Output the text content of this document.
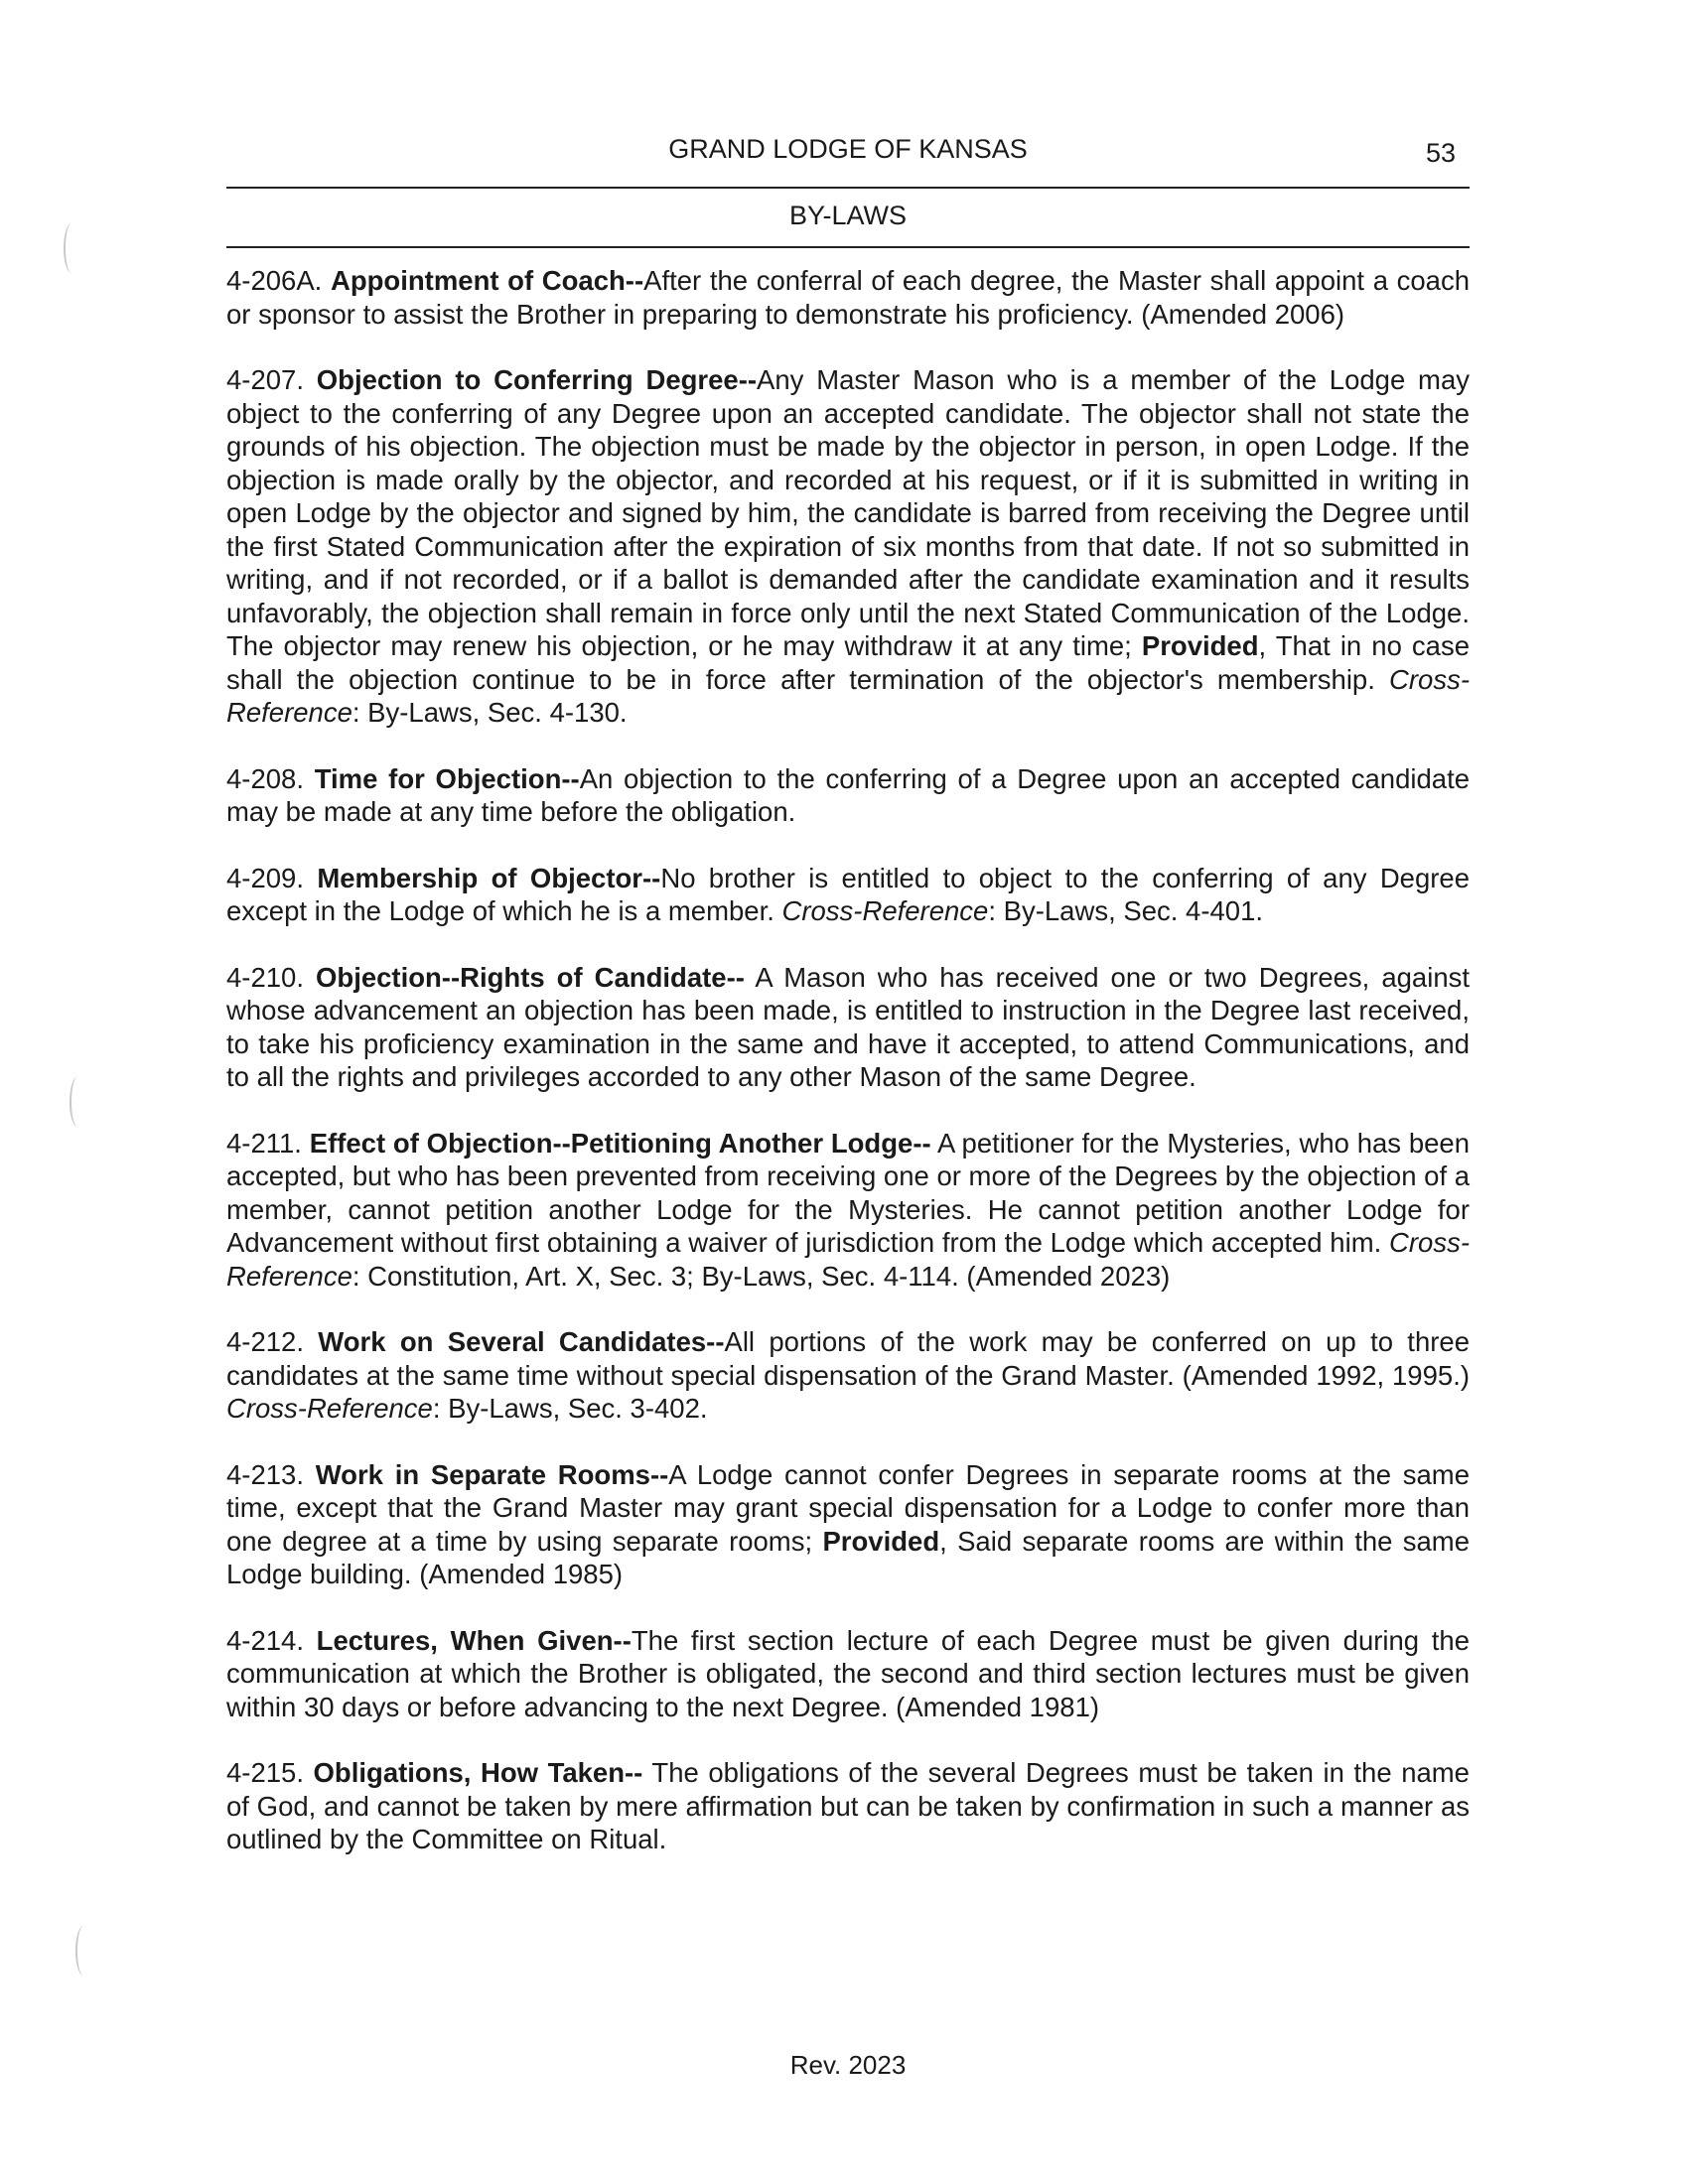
GRAND LODGE OF KANSAS	53
BY-LAWS

4-206A. Appointment of Coach--After the conferral of each degree, the Master shall appoint a coach or sponsor to assist the Brother in preparing to demonstrate his proficiency. (Amended 2006)

4-207. Objection to Conferring Degree--Any Master Mason who is a member of the Lodge may object to the conferring of any Degree upon an accepted candidate. The objector shall not state the grounds of his objection. The objection must be made by the objector in person, in open Lodge. If the objection is made orally by the objector, and recorded at his request, or if it is submitted in writing in open Lodge by the objector and signed by him, the candidate is barred from receiving the Degree until the first Stated Communication after the expiration of six months from that date. If not so submitted in writing, and if not recorded, or if a ballot is demanded after the candidate examination and it results unfavorably, the objection shall remain in force only until the next Stated Communication of the Lodge. The objector may renew his objection, or he may withdraw it at any time; Provided, That in no case shall the objection continue to be in force after termination of the objector's membership. Cross-Reference: By-Laws, Sec. 4-130.

4-208. Time for Objection--An objection to the conferring of a Degree upon an accepted candidate may be made at any time before the obligation.

4-209. Membership of Objector--No brother is entitled to object to the conferring of any Degree except in the Lodge of which he is a member. Cross-Reference: By-Laws, Sec. 4-401.

4-210. Objection--Rights of Candidate-- A Mason who has received one or two Degrees, against whose advancement an objection has been made, is entitled to instruction in the Degree last received, to take his proficiency examination in the same and have it accepted, to attend Communications, and to all the rights and privileges accorded to any other Mason of the same Degree.

4-211. Effect of Objection--Petitioning Another Lodge-- A petitioner for the Mysteries, who has been accepted, but who has been prevented from receiving one or more of the Degrees by the objection of a member, cannot petition another Lodge for the Mysteries. He cannot petition another Lodge for Advancement without first obtaining a waiver of jurisdiction from the Lodge which accepted him. Cross-Reference: Constitution, Art. X, Sec. 3; By-Laws, Sec. 4-114. (Amended 2023)

4-212. Work on Several Candidates--All portions of the work may be conferred on up to three candidates at the same time without special dispensation of the Grand Master. (Amended 1992, 1995.) Cross-Reference: By-Laws, Sec. 3-402.

4-213. Work in Separate Rooms--A Lodge cannot confer Degrees in separate rooms at the same time, except that the Grand Master may grant special dispensation for a Lodge to confer more than one degree at a time by using separate rooms; Provided, Said separate rooms are within the same Lodge building. (Amended 1985)

4-214. Lectures, When Given--The first section lecture of each Degree must be given during the communication at which the Brother is obligated, the second and third section lectures must be given within 30 days or before advancing to the next Degree. (Amended 1981)

4-215. Obligations, How Taken-- The obligations of the several Degrees must be taken in the name of God, and cannot be taken by mere affirmation but can be taken by confirmation in such a manner as outlined by the Committee on Ritual.

Rev. 2023
